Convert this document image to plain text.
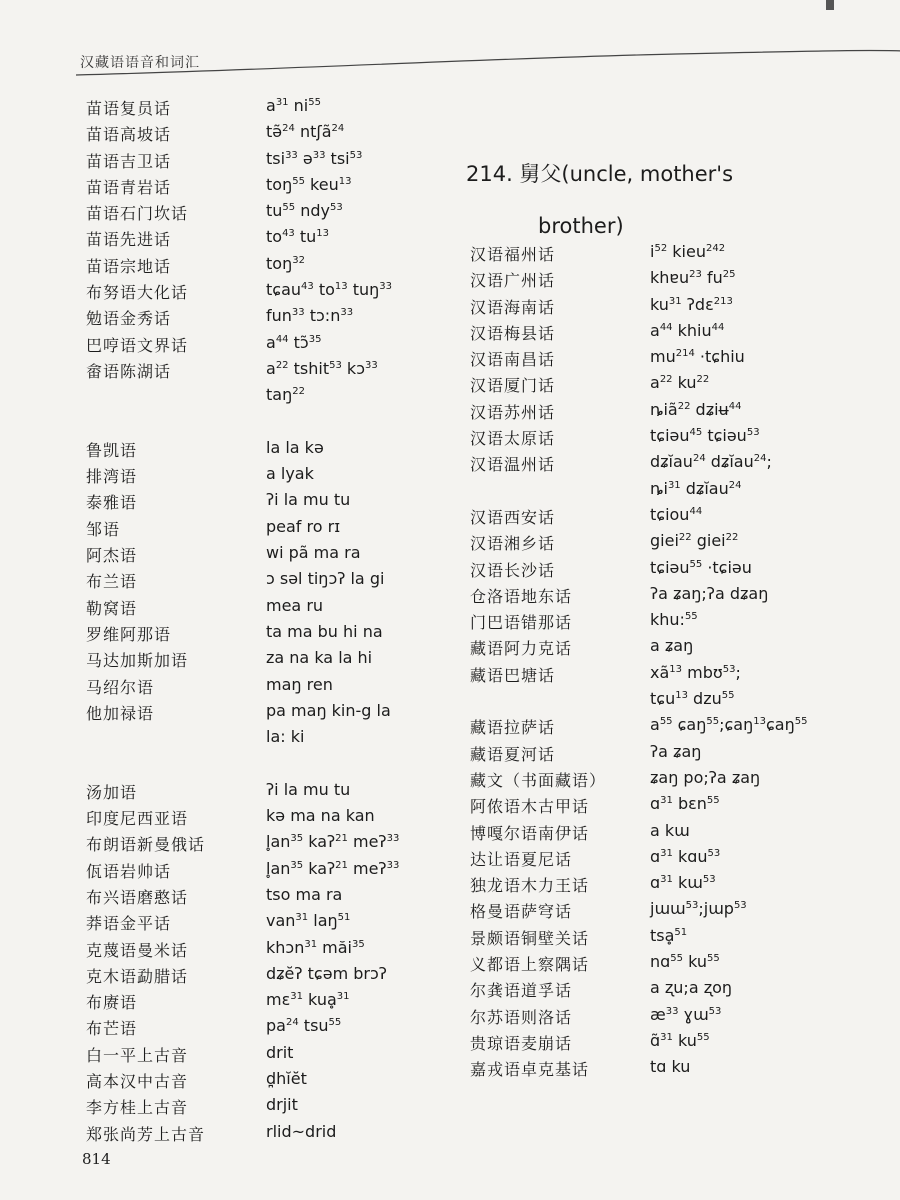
汉藏语语音和词汇
苗语复员话	$a^{31}$ $ni^{55}$
苗语高坡话	tə̃$^{24}$ ntʃã$^{24}$
苗语吉卫话	tsi$^{33}$ ə$^{33}$ tsi$^{53}$
苗语青岩话	toŋ$^{55}$ keu$^{13}$
苗语石门坎话	$tu^{55}$ ndy$^{53}$
苗语先进话	$to^{43}$ $tu^{13}$
苗语宗地话	toŋ$^{32}$
布努语大化话	tɕau$^{43}$ $to^{13}$ tuŋ$^{33}$
勉语金秀话	fun$^{33}$ $tɔ:n^{33}$
巴哼语文界话	$a^{44}$ tɔ̃$^{35}$
畲语陈湖话	$a^{22}$ tshit$^{53}$ kɔ$^{33}$
taŋ$^{22}$
鲁凯语	la la kə
排湾语	a lyak
泰雅语	ʔi la mu tu
邹语	peaf ro rɪ
阿杰语	wi pã ma ra
布兰语	ɔ səl tiŋɔʔ la gi
勒窝语	mea ru
罗维阿那语	ta ma bu hi na
马达加斯加语	za na ka la hi
马绍尔语	maŋ ren
他加禄语	pa maŋ kin-g la
la: ki
汤加语	ʔi la mu tu
印度尼西亚语	kə ma na kan
布朗语新曼俄话	$l̥an^{35}$ kaʔ$^{21}$ meʔ$^{33}$
佤语岩帅话	$l̥an^{35}$ kaʔ$^{21}$ meʔ$^{33}$
布兴语磨憨话	tso ma ra
莽语金平话	van$^{31}$ laŋ$^{51}$
克蔑语曼米话	khɔn$^{31}$ măi$^{35}$
克木语勐腊话	dʑĕʔ tɕəm brɔʔ
布赓语	mɛ$^{31}$ kuḁ$^{31}$
布芒语	$pa^{24}$ tsu$^{55}$
白一平上古音	drit
高本汉中古音	d̪hĭĕt
李方桂上古音	drjit
郑张尚芳上古音	rlid~drid
214. 舅父(uncle, mother's
brother)
汉语福州话	$i^{52}$ kieu$^{242}$
汉语广州话	khɐu$^{23}$ $fu^{25}$
汉语海南话	$ku^{31}$ ʔdɛ$^{213}$
汉语梅县话	$a^{44}$ khiu$^{44}$
汉语南昌话	$mu^{214}$ ·tɕhiu
汉语厦门话	$a^{22}$ $ku^{22}$
汉语苏州话	ȵiã$^{22}$ dʑiʉ$^{44}$
汉语太原话	tɕiəu$^{45}$ tɕiəu$^{53}$
汉语温州话	dʑĭau$^{24}$ dʑĭau$^{24}$;
$ȵi^{31}$ dʑĭau$^{24}$
汉语西安话	tɕiou$^{44}$
汉语湘乡话	giei$^{22}$ giei$^{22}$
汉语长沙话	tɕiəu$^{55}$ ·tɕiəu
仓洛语地东话	ʔa ʑaŋ;ʔa dʑaŋ
门巴语错那话	khu:$^{55}$
藏语阿力克话	a ʑaŋ
藏语巴塘话	$xã^{13}$ mbʊ$^{53}$;
tɕu$^{13}$ dzu$^{55}$
藏语拉萨话	$a^{55}$ ɕaŋ$^{55}$;ɕaŋ$^{13}$ɕaŋ$^{55}$
藏语夏河话	ʔa ʑaŋ
藏文（书面藏语）	ʑaŋ po;ʔa ʑaŋ
阿侬语木古甲话	ɑ$^{31}$ bɛn$^{55}$
博嘎尔语南伊话	a kɯ
达让语夏尼话	ɑ$^{31}$ kɑu$^{53}$
独龙语木力王话	ɑ$^{31}$ kɯ$^{53}$
格曼语萨穹话	jɯɯ$^{53}$;jɯp$^{53}$
景颇语铜壁关话	tsḁ$^{51}$
义都语上察隅话	nɑ$^{55}$ $ku^{55}$
尔龚语道孚话	a ʐu;a ʐoŋ
尔苏语则洛话	$æ^{33}$ ɣɯ$^{53}$
贵琼语麦崩话	ɑ̃$^{31}$ $ku^{55}$
嘉戎语卓克基话	tɑ ku
814
